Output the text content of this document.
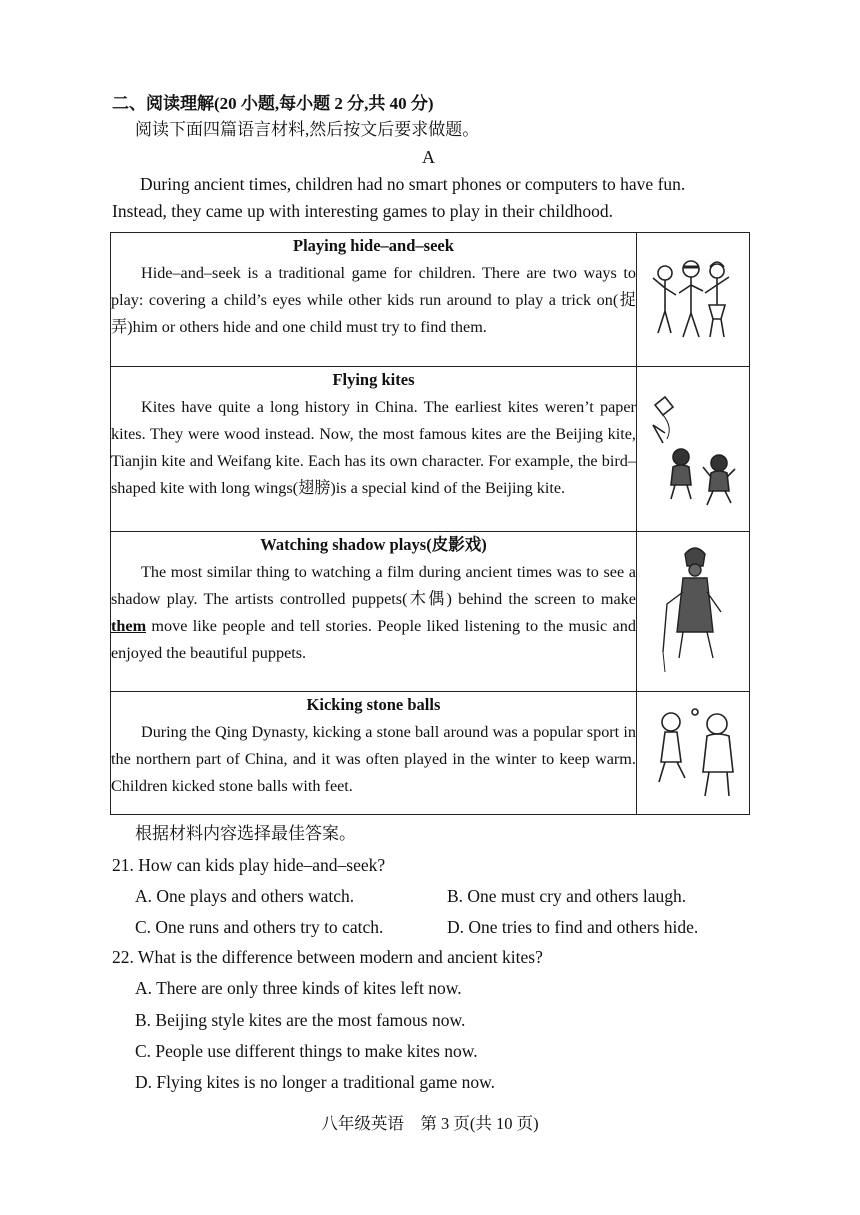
二、阅读理解(20 小题,每小题 2 分,共 40 分)
阅读下面四篇语言材料,然后按文后要求做题。
A
During ancient times, children had no smart phones or computers to have fun.
Instead, they came up with interesting games to play in their childhood.
Playing hide–and–seek
Hide–and–seek is a traditional game for children. There are two ways to play: covering a child’s eyes while other kids run around to play a trick on(捉弄)him or others hide and one child must try to find them.

Flying kites
Kites have quite a long history in China. The earliest kites weren’t paper kites. They were wood instead. Now, the most famous kites are the Beijing kite, Tianjin kite and Weifang kite. Each has its own character. For example, the bird–shaped kite with long wings(翅膀)is a special kind of the Beijing kite.

Watching shadow plays(皮影戏)
The most similar thing to watching a film during ancient times was to see a shadow play. The artists controlled puppets(木偶) behind the screen to make them move like people and tell stories. People liked listening to the music and enjoyed the beautiful puppets.

Kicking stone balls
During the Qing Dynasty, kicking a stone ball around was a popular sport in the northern part of China, and it was often played in the winter to keep warm. Children kicked stone balls with feet.

根据材料内容选择最佳答案。
21. How can kids play hide–and–seek?
A. One plays and others watch.	B. One must cry and others laugh.
C. One runs and others try to catch.	D. One tries to find and others hide.
22. What is the difference between modern and ancient kites?
A. There are only three kinds of kites left now.
B. Beijing style kites are the most famous now.
C. People use different things to make kites now.
D. Flying kites is no longer a traditional game now.
八年级英语    第 3 页(共 10 页)
